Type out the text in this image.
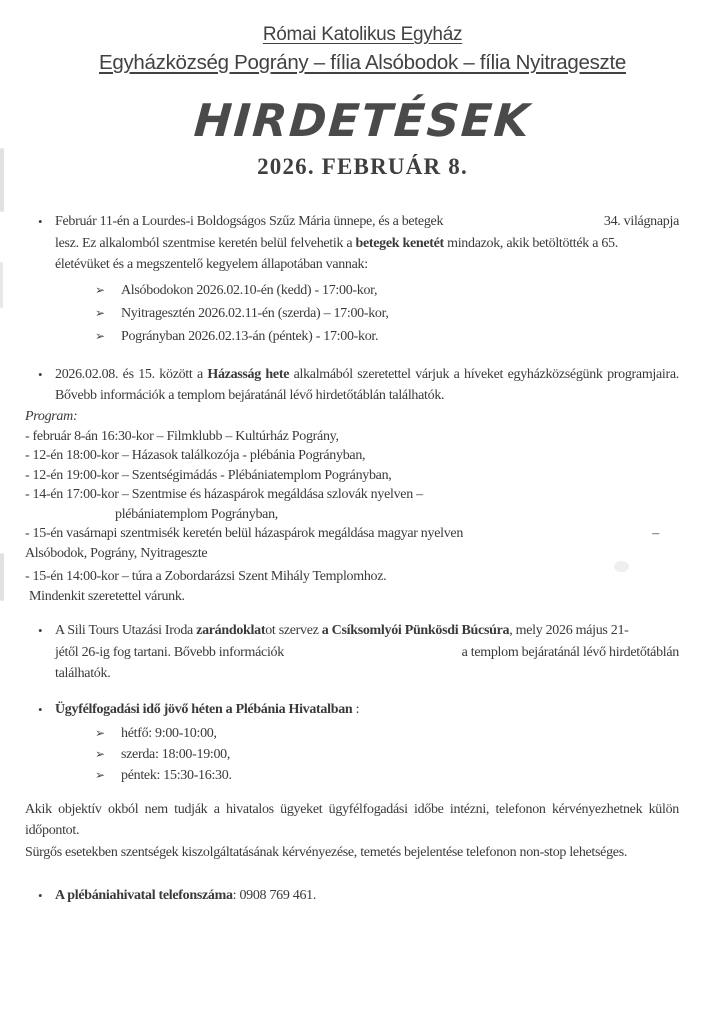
Római Katolikus Egyház
Egyházközség Pográny – fília Alsóbodok – fília Nyitrageszte
HIRDETÉSEK
2026. FEBRUÁR 8.
• Február 11-én a Lourdes-i Boldogságos Szűz Mária ünnepe, és a betegek	34. világnapja
lesz. Ez alkalomból szentmise keretén belül felvehetik a betegek kenetét mindazok, akik betöltötték a 65.
életévüket és a megszentelő kegyelem állapotában vannak:
➢ Alsóbodokon 2026.02.10-én (kedd) - 17:00-kor,
➢ Nyitragesztén 2026.02.11-én (szerda) – 17:00-kor,
➢ Pogrányban 2026.02.13-án (péntek) - 17:00-kor.
• 2026.02.08. és 15. között a Házasság hete alkalmából szeretettel várjuk a híveket egyházközségünk programjaira. Bővebb információk a templom bejáratánál lévő hirdetőtáblán találhatók.
Program:
- február 8-án 16:30-kor – Filmklubb – Kultúrház Pográny,
- 12-én 18:00-kor – Házasok találkozója - plébánia Pogrányban,
- 12-én 19:00-kor – Szentségimádás - Plébániatemplom Pogrányban,
- 14-én 17:00-kor – Szentmise és házaspárok megáldása szlovák nyelven –
plébániatemplom Pogrányban,
- 15-én vasárnapi szentmisék keretén belül házaspárok megáldása magyar nyelven	–
Alsóbodok, Pográny, Nyitrageszte
- 15-én 14:00-kor – túra a Zobordarázsi Szent Mihály Templomhoz.
Mindenkit szeretettel várunk.
• A Sili Tours Utazási Iroda zarándoklatot szervez a Csíksomlyói Pünkösdi Búcsúra, mely 2026 május 21-
jétől 26-ig fog tartani. Bővebb információk	a templom bejáratánál lévő hirdetőtáblán
találhatók.
• Ügyfélfogadási idő jövő héten a Plébánia Hivatalban :
➢ hétfő: 9:00-10:00,
➢ szerda: 18:00-19:00,
➢ péntek: 15:30-16:30.

Akik objektív okból nem tudják a hivatalos ügyeket ügyfélfogadási időbe intézni, telefonon kérvényezhetnek külön időpontot.

Sürgős esetekben szentségek kiszolgáltatásának kérvényezése, temetés bejelentése telefonon non-stop lehetséges.

• A plébániahivatal telefonszáma: 0908 769 461.
